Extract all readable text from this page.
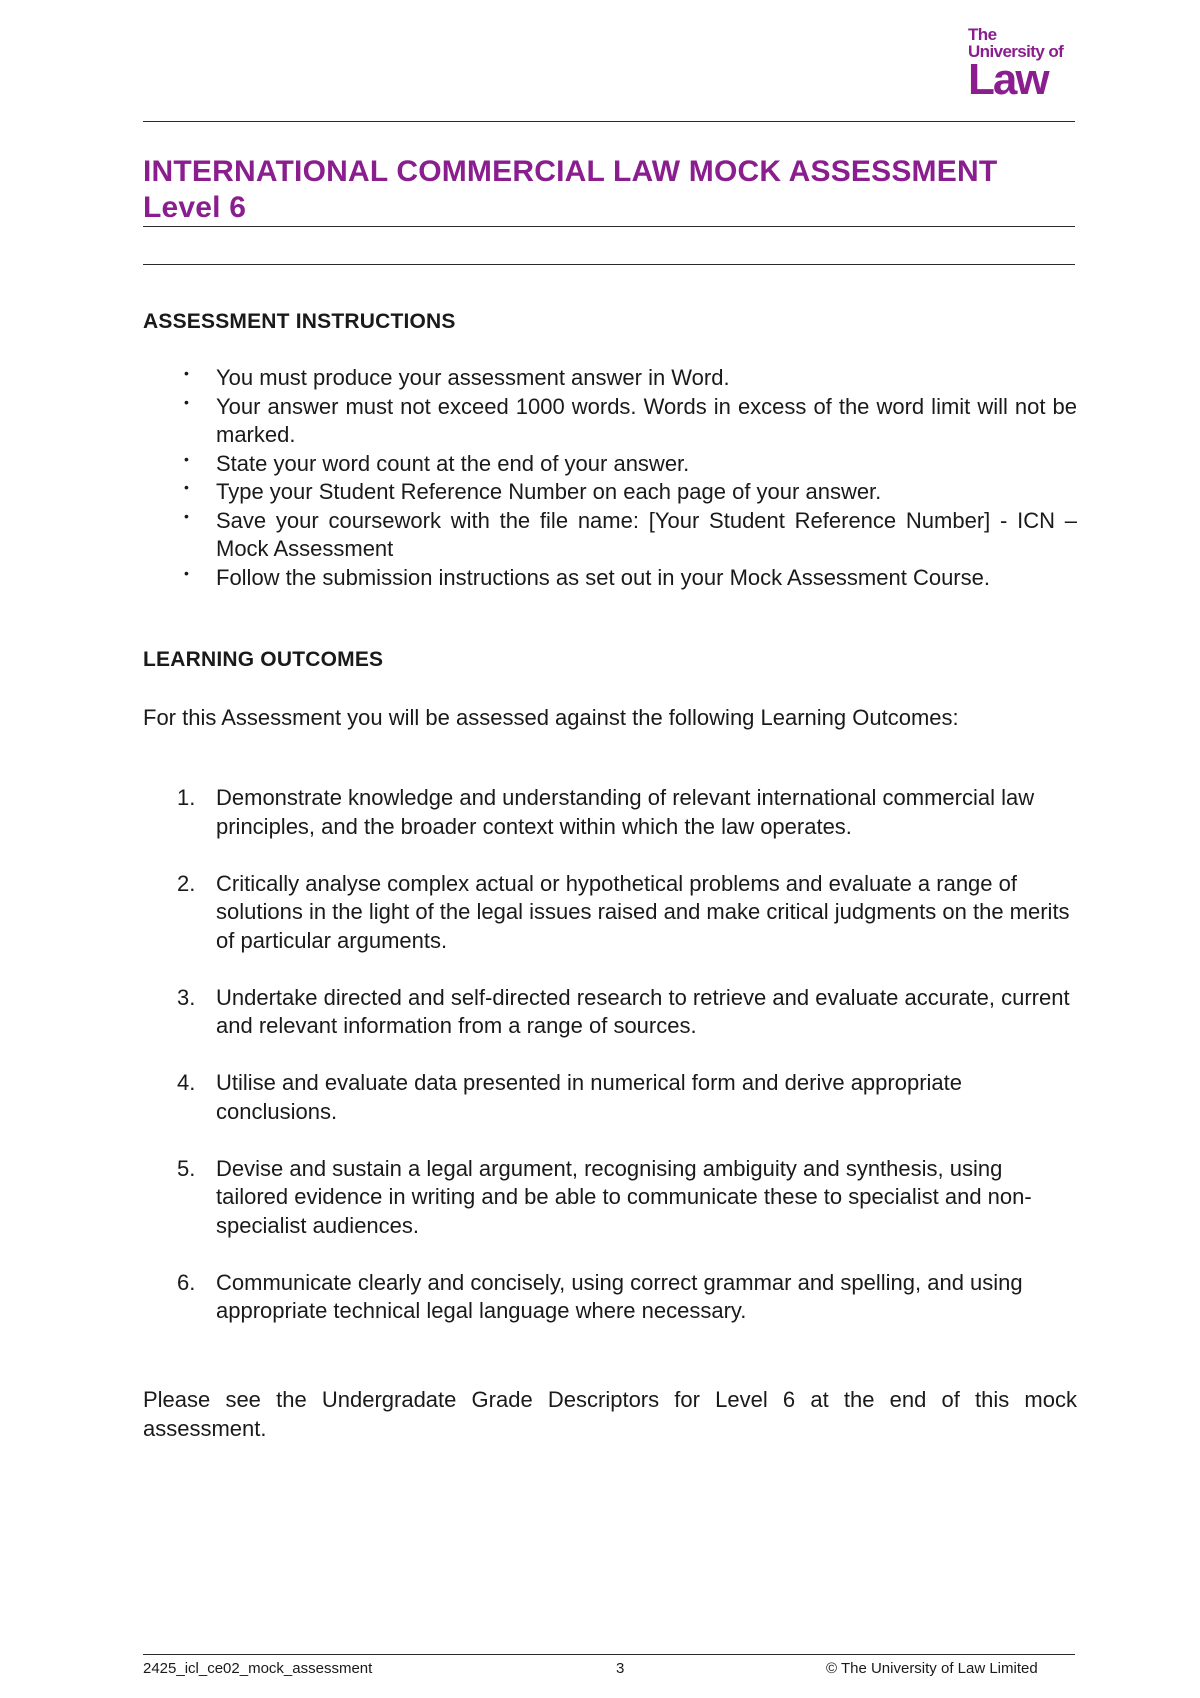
The
University of
Law
INTERNATIONAL COMMERCIAL LAW MOCK ASSESSMENT
Level 6
ASSESSMENT INSTRUCTIONS
• You must produce your assessment answer in Word.
• Your answer must not exceed 1000 words. Words in excess of the word limit will not be marked.
• State your word count at the end of your answer.
• Type your Student Reference Number on each page of your answer.
• Save your coursework with the file name: [Your Student Reference Number] - ICN – Mock Assessment
• Follow the submission instructions as set out in your Mock Assessment Course.
LEARNING OUTCOMES
For this Assessment you will be assessed against the following Learning Outcomes:
1. Demonstrate knowledge and understanding of relevant international commercial law principles, and the broader context within which the law operates.
2. Critically analyse complex actual or hypothetical problems and evaluate a range of solutions in the light of the legal issues raised and make critical judgments on the merits of particular arguments.
3. Undertake directed and self-directed research to retrieve and evaluate accurate, current and relevant information from a range of sources.
4. Utilise and evaluate data presented in numerical form and derive appropriate conclusions.
5. Devise and sustain a legal argument, recognising ambiguity and synthesis, using tailored evidence in writing and be able to communicate these to specialist and non-specialist audiences.
6. Communicate clearly and concisely, using correct grammar and spelling, and using appropriate technical legal language where necessary.
Please see the Undergradate Grade Descriptors for Level 6 at the end of this mock assessment.
2425_icl_ce02_mock_assessment	3	© The University of Law Limited
